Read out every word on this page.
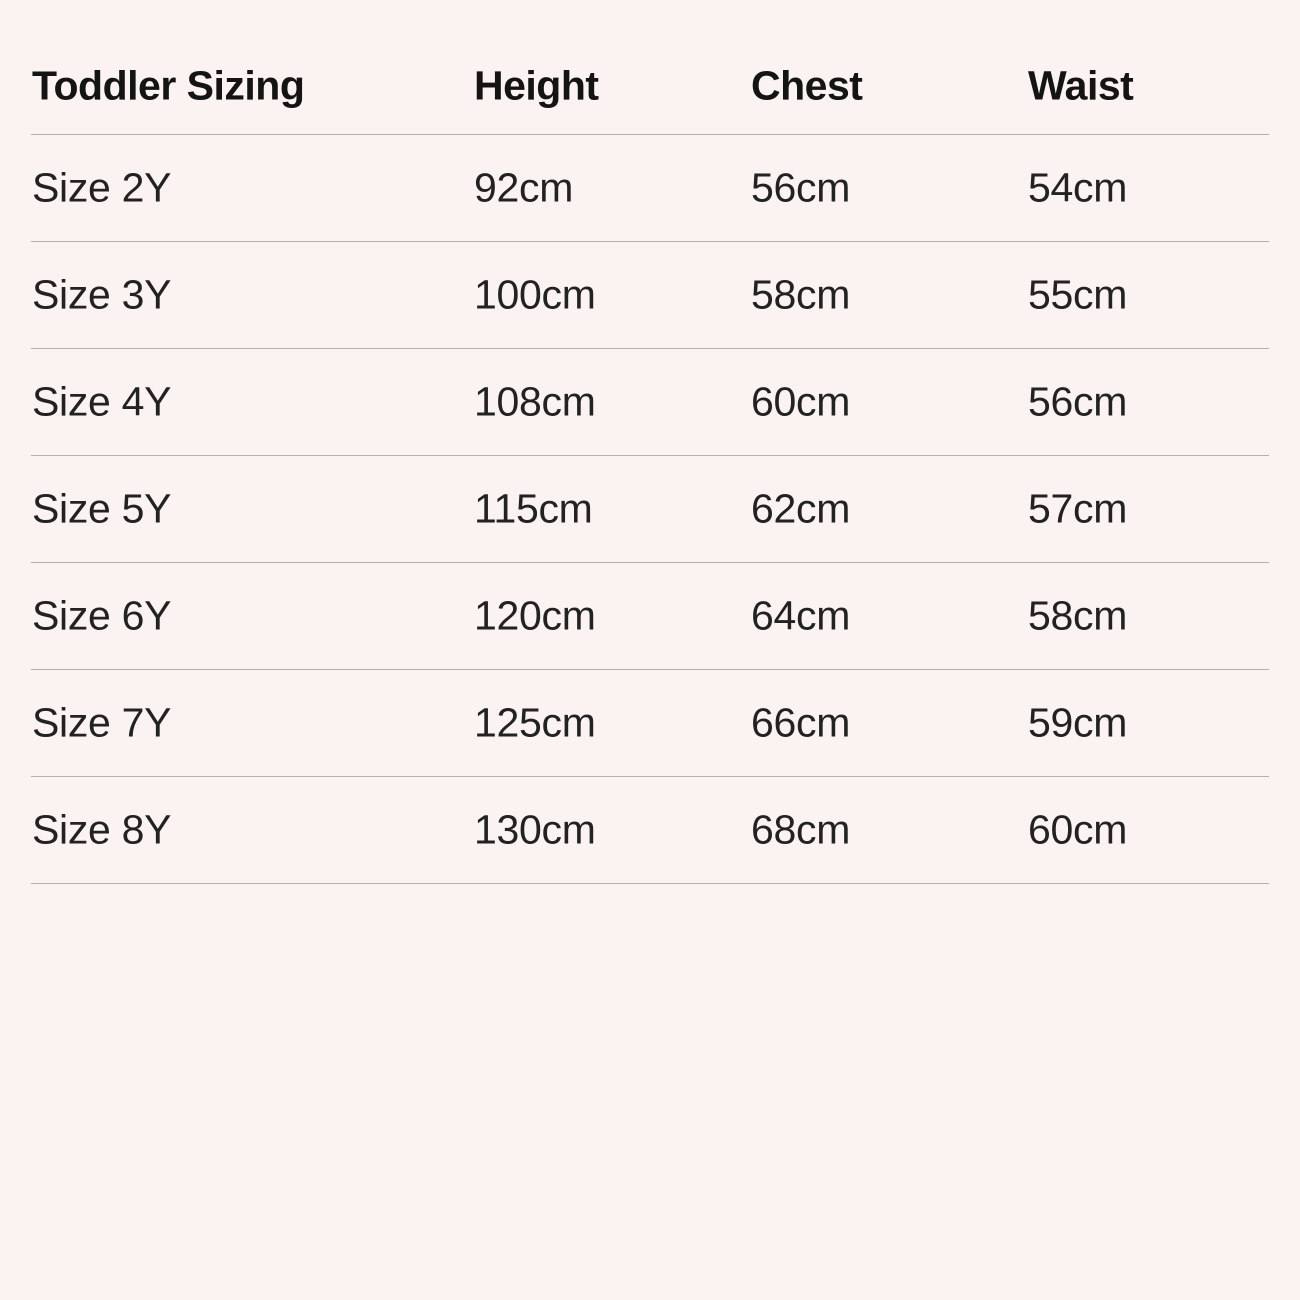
Toddler Sizing	Height	Chest	Waist
Size 2Y	92cm	56cm	54cm
Size 3Y	100cm	58cm	55cm
Size 4Y	108cm	60cm	56cm
Size 5Y	115cm	62cm	57cm
Size 6Y	120cm	64cm	58cm
Size 7Y	125cm	66cm	59cm
Size 8Y	130cm	68cm	60cm
